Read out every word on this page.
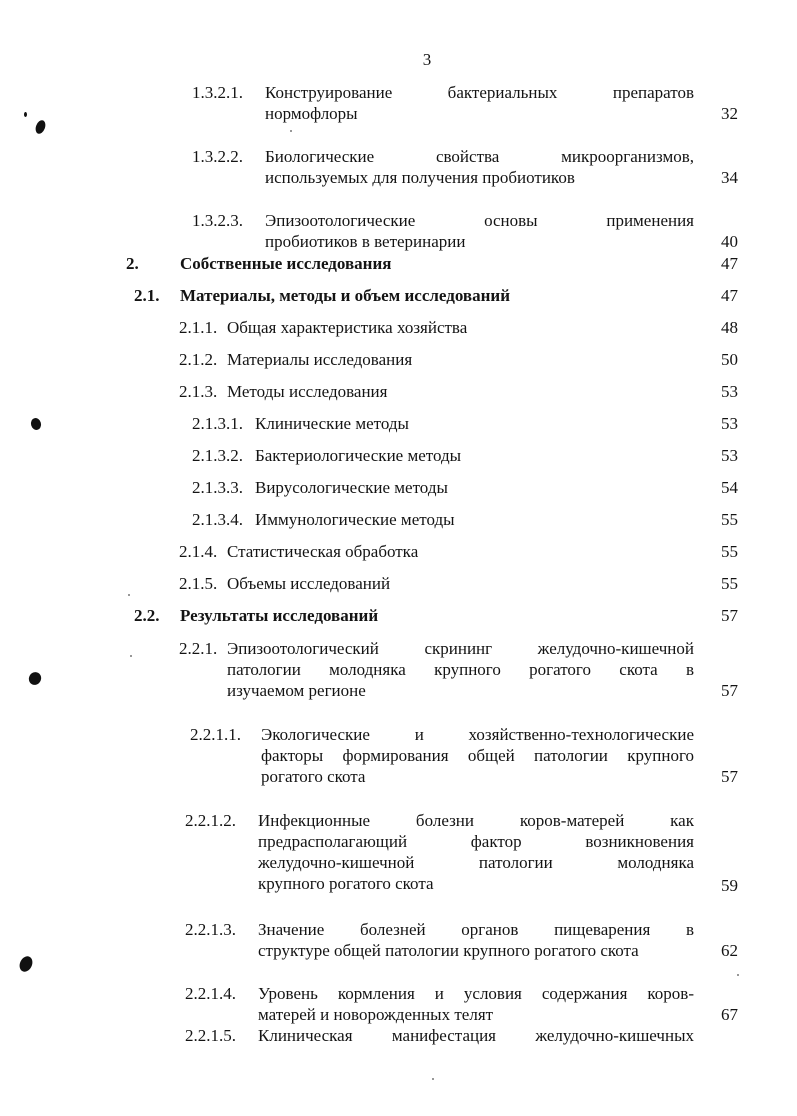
3
1.3.2.1. Конструирование бактериальных препаратов
нормофлоры	32
1.3.2.2. Биологические свойства микроорганизмов,
используемых для получения пробиотиков	34
1.3.2.3. Эпизоотологические основы применения
пробиотиков в ветеринарии	40
2. Собственные исследования	47
2.1. Материалы, методы и объем исследований	47
2.1.1. Общая характеристика хозяйства	48
2.1.2. Материалы исследования	50
2.1.3. Методы исследования	53
2.1.3.1. Клинические методы	53
2.1.3.2. Бактериологические методы	53
2.1.3.3. Вирусологические методы	54
2.1.3.4. Иммунологические методы	55
2.1.4. Статистическая обработка	55
2.1.5. Объемы исследований	55
2.2. Результаты исследований	57
2.2.1. Эпизоотологический скрининг желудочно-кишечной
патологии молодняка крупного рогатого скота в
изучаемом регионе	57
2.2.1.1. Экологические и хозяйственно-технологические
факторы формирования общей патологии крупного
рогатого скота	57
2.2.1.2. Инфекционные болезни коров-матерей как
предрасполагающий фактор возникновения
желудочно-кишечной патологии молодняка
крупного рогатого скота	59
2.2.1.3. Значение болезней органов пищеварения в
структуре общей патологии крупного рогатого скота	62
2.2.1.4. Уровень кормления и условия содержания коров-
матерей и новорожденных телят	67
2.2.1.5. Клиническая манифестация желудочно-кишечных
